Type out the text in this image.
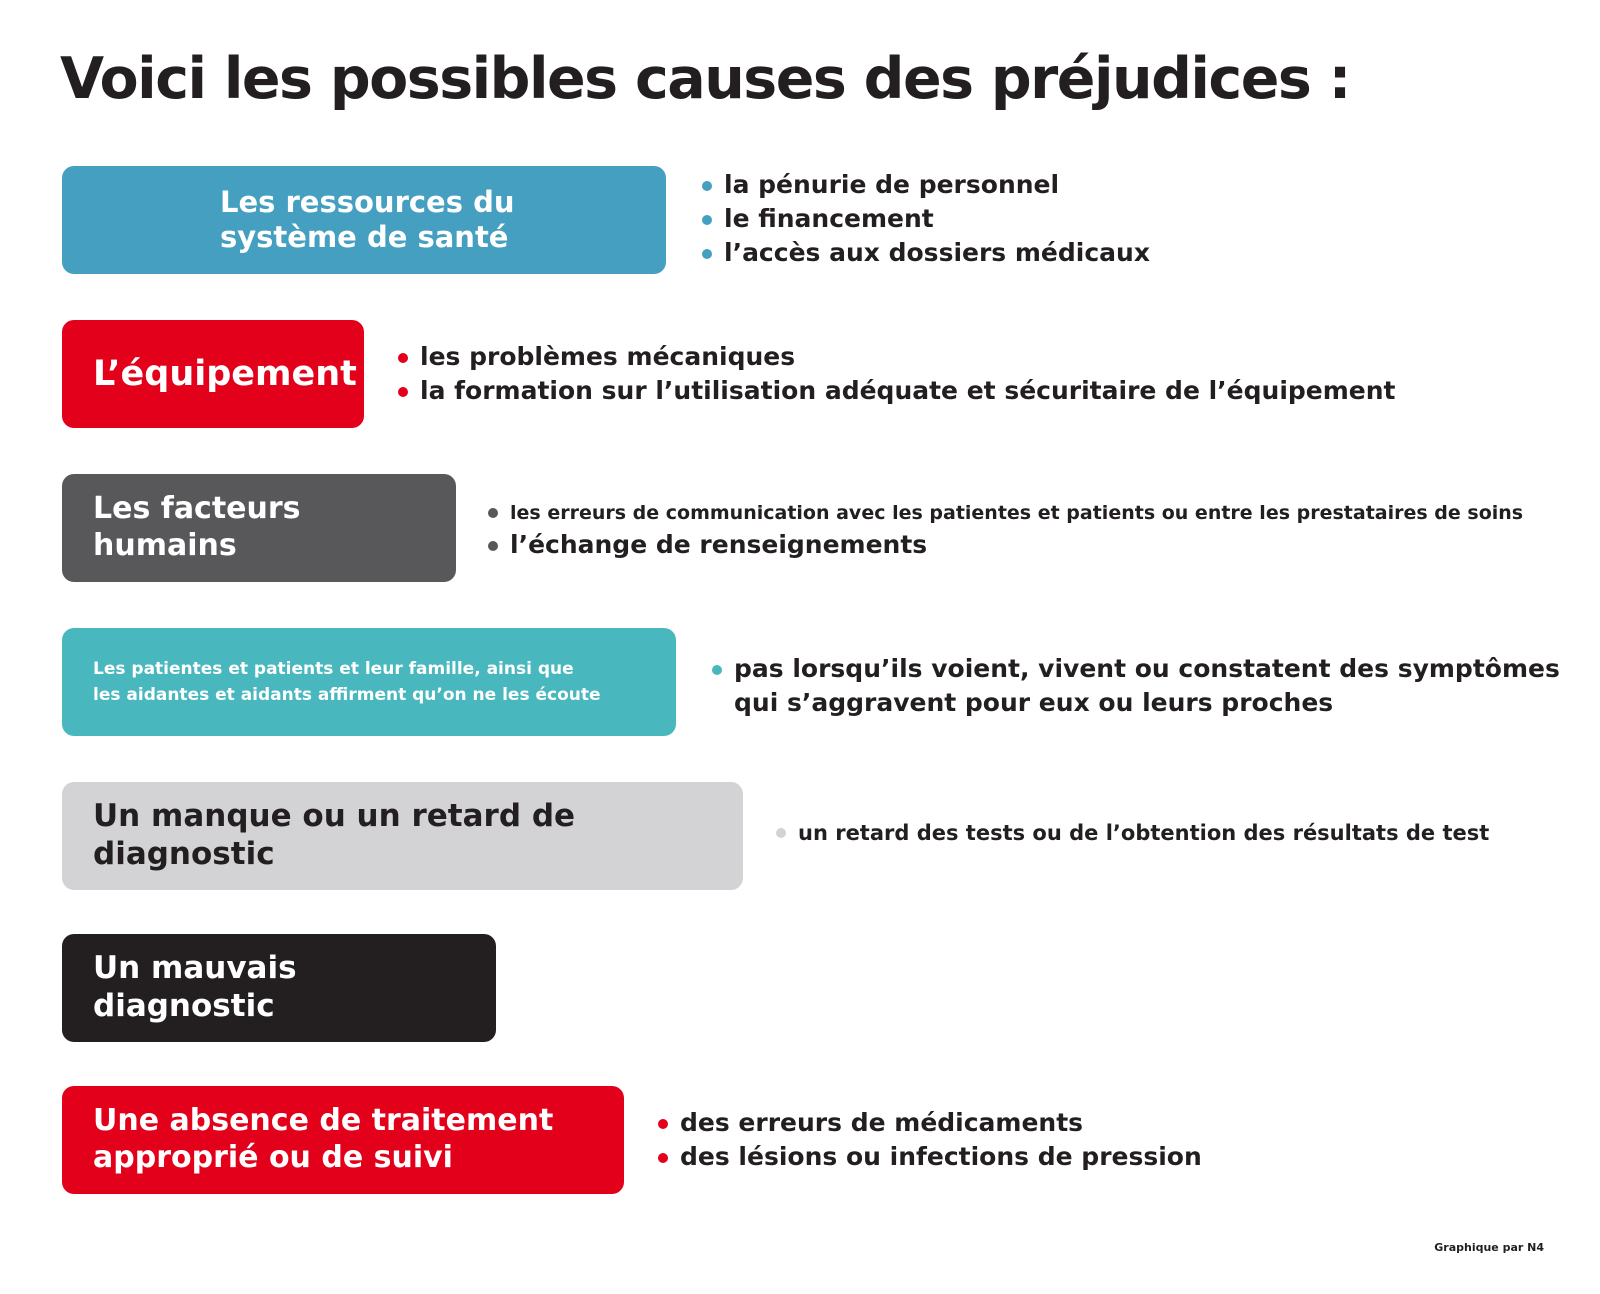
Voici les possibles causes des préjudices :
Les ressources du
système de santé
la pénurie de personnel
le financement
l’accès aux dossiers médicaux
L’équipement	les problèmes mécaniques
la formation sur l’utilisation adéquate et sécuritaire de l’équipement
Les facteurs humains
les erreurs de communication avec les patientes et patients ou entre les prestataires de soins
l’échange de renseignements
Les patientes et patients et leur famille, ainsi que
les aidantes et aidants affirment qu’on ne les écoute
pas lorsqu’ils voient, vivent ou constatent des symptômes
qui s’aggravent pour eux ou leurs proches
Un manque ou un retard de diagnostic
un retard des tests ou de l’obtention des résultats de test
Un mauvais diagnostic
Une absence de traitement
approprié ou de suivi
des erreurs de médicaments
des lésions ou infections de pression
Graphique par N4
